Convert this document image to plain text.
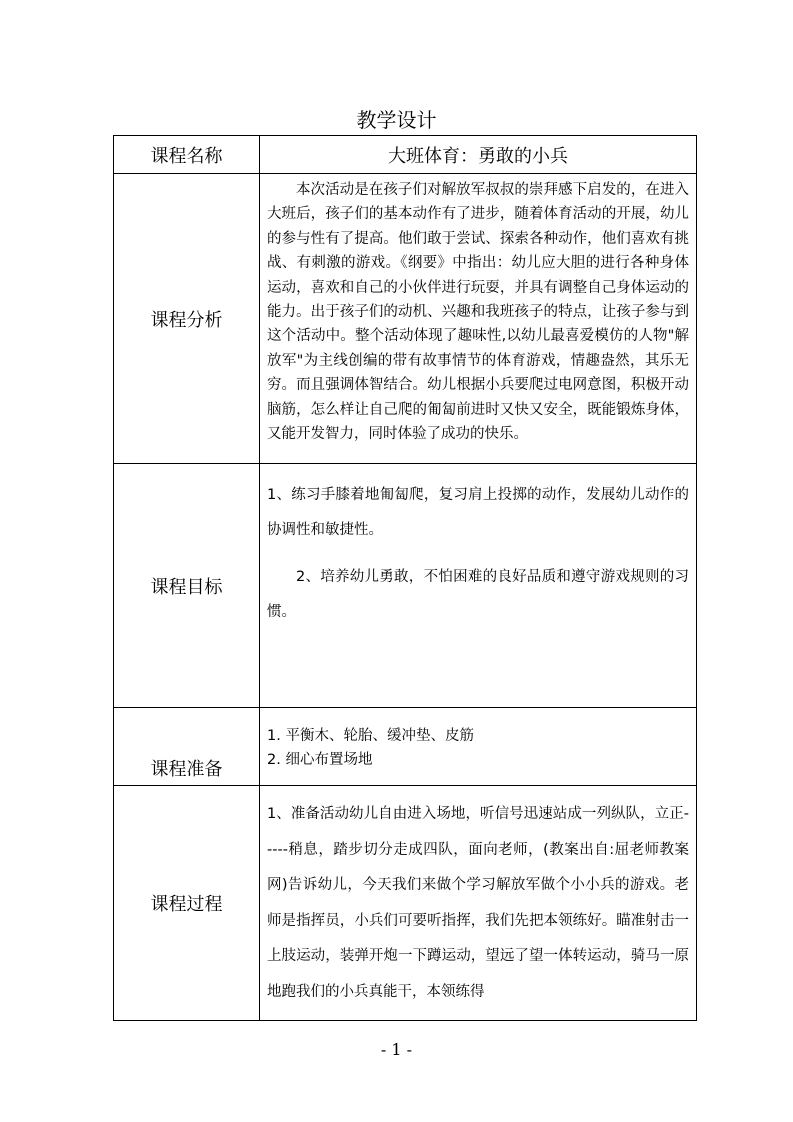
教学设计
课程名称	大班体育：勇敢的小兵
课程分析	本次活动是在孩子们对解放军叔叔的崇拜感下启发的，在进入大班后，孩子们的基本动作有了进步，随着体育活动的开展，幼儿的参与性有了提高。他们敢于尝试、探索各种动作，他们喜欢有挑战、有刺激的游戏。《纲要》中指出：幼儿应大胆的进行各种身体运动，喜欢和自己的小伙伴进行玩耍，并具有调整自己身体运动的能力。出于孩子们的动机、兴趣和我班孩子的特点，让孩子参与到这个活动中。整个活动体现了趣味性,以幼儿最喜爱模仿的人物"解放军"为主线创编的带有故事情节的体育游戏，情趣盎然，其乐无穷。而且强调体智结合。幼儿根据小兵要爬过电网意图，积极开动脑筋，怎么样让自己爬的匍匐前进时又快又安全，既能锻炼身体，又能开发智力，同时体验了成功的快乐。
课程目标	1、练习手膝着地匍匐爬，复习肩上投掷的动作，发展幼儿动作的协调性和敏捷性。

2、培养幼儿勇敢，不怕困难的良好品质和遵守游戏规则的习惯。

课程准备	1. 平衡木、轮胎、缓冲垫、皮筋
2. 细心布置场地

课程过程	1、准备活动幼儿自由进入场地，听信号迅速站成一列纵队，立正-----稍息，踏步切分走成四队，面向老师，(教案出自:屈老师教案网)告诉幼儿，今天我们来做个学习解放军做个小小兵的游戏。老师是指挥员，小兵们可要听指挥，我们先把本领练好。瞄准射击一上肢运动，装弹开炮一下蹲运动，望远了望一体转运动，骑马一原地跑我们的小兵真能干，本领练得
- 1 -
